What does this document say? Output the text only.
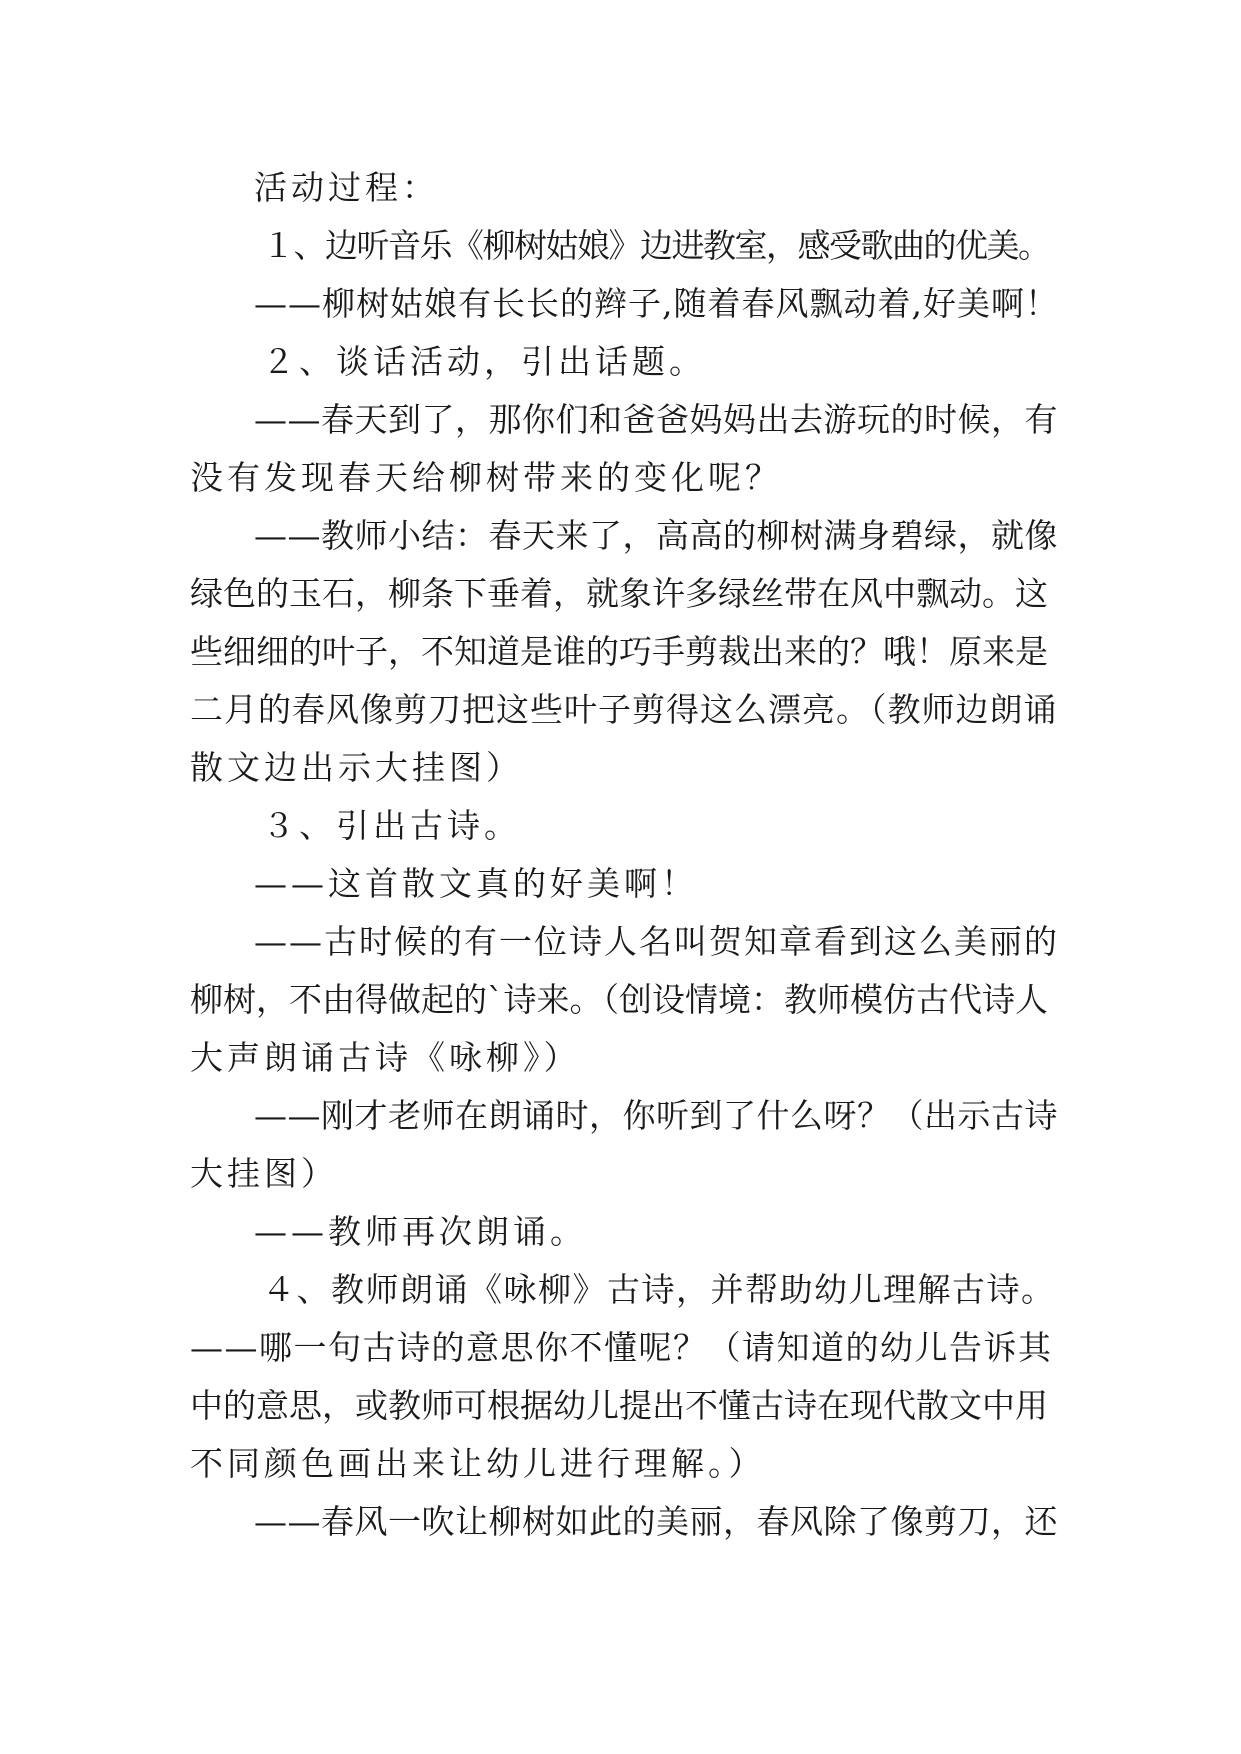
活动过程：

１、边听音乐《柳树姑娘》边进教室，感受歌曲的优美。

——柳树姑娘有长长的辫子,随着春风飘动着,好美啊！

２、谈话活动，引出话题。

——春天到了，那你们和爸爸妈妈出去游玩的时候，有

没有发现春天给柳树带来的变化呢？

——教师小结：春天来了，高高的柳树满身碧绿，就像

绿色的玉石，柳条下垂着，就象许多绿丝带在风中飘动。这

些细细的叶子，不知道是谁的巧手剪裁出来的？哦！原来是

二月的春风像剪刀把这些叶子剪得这么漂亮。（教师边朗诵

散文边出示大挂图）

３、引出古诗。

——这首散文真的好美啊！

——古时候的有一位诗人名叫贺知章看到这么美丽的

柳树，不由得做起的`诗来。（创设情境：教师模仿古代诗人

大声朗诵古诗《咏柳》）

——刚才老师在朗诵时，你听到了什么呀？（出示古诗

大挂图）

——教师再次朗诵。

４、教师朗诵《咏柳》古诗，并帮助幼儿理解古诗。

——哪一句古诗的意思你不懂呢？（请知道的幼儿告诉其

中的意思，或教师可根据幼儿提出不懂古诗在现代散文中用

不同颜色画出来让幼儿进行理解。）

——春风一吹让柳树如此的美丽，春风除了像剪刀，还
